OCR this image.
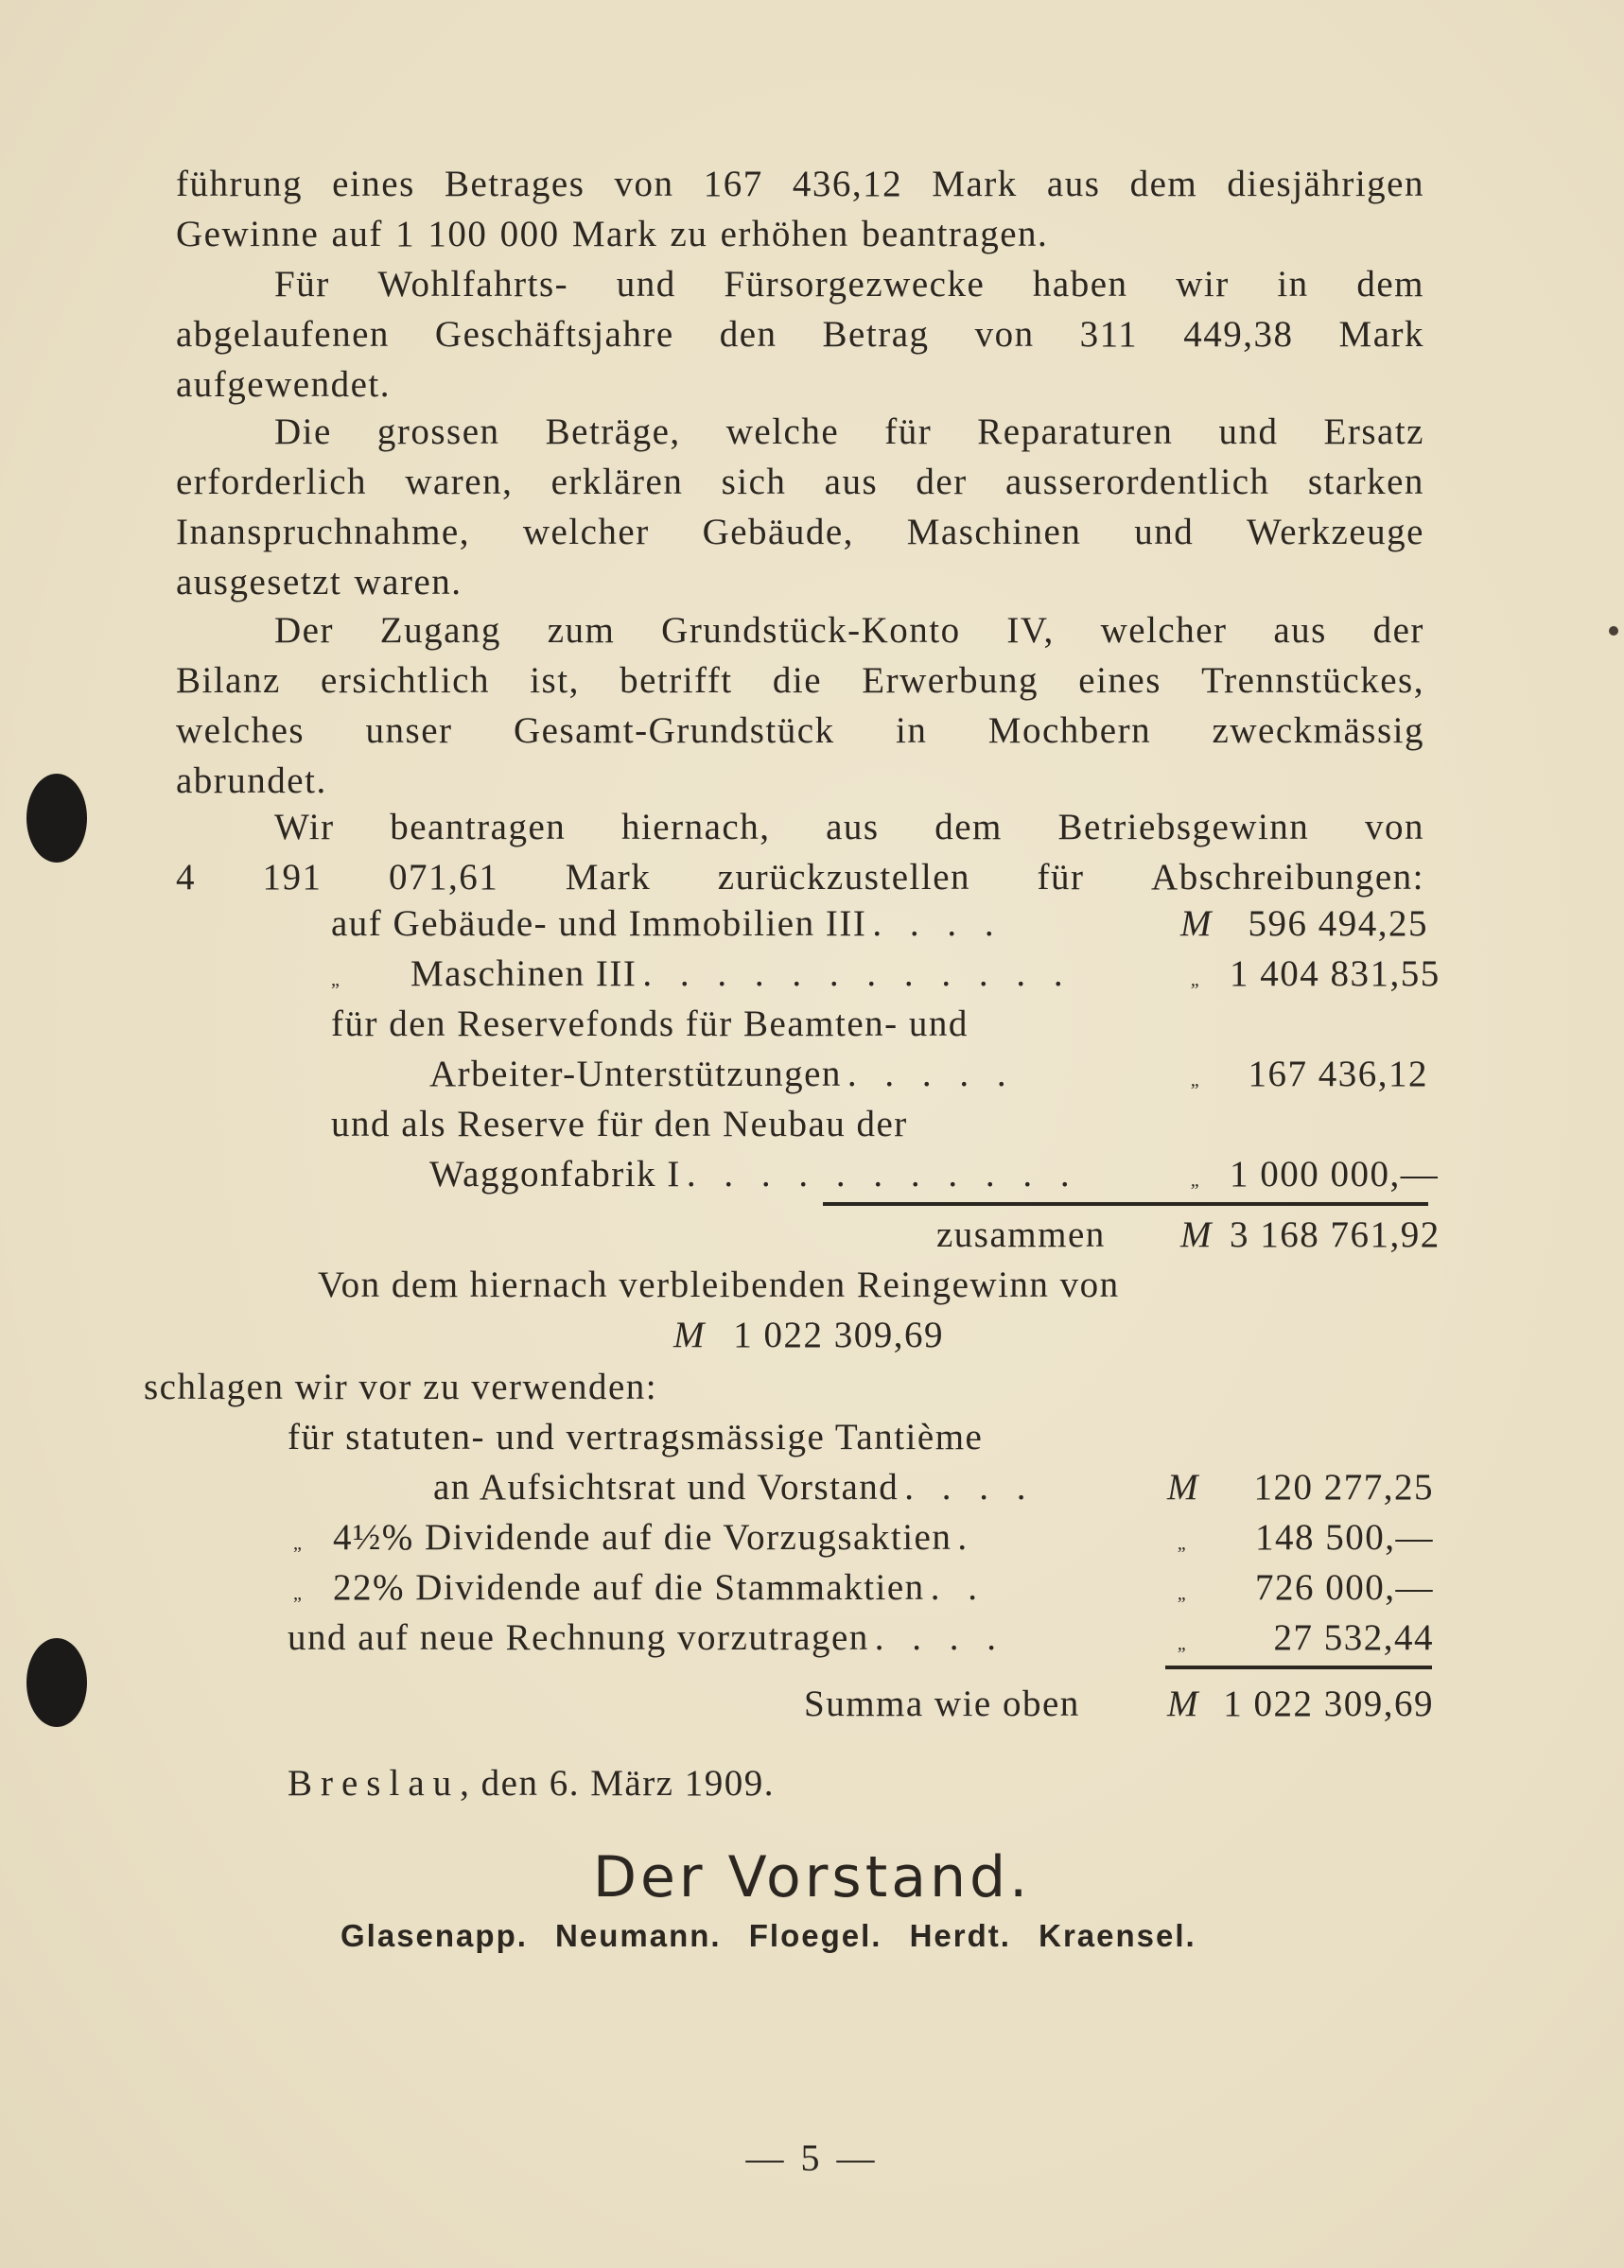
führung eines Betrages von 167 436,12 Mark aus dem diesjährigen
Gewinne auf 1 100 000 Mark zu erhöhen beantragen.
Für Wohlfahrts- und Fürsorgezwecke haben wir in dem
abgelaufenen Geschäftsjahre den Betrag von 311 449,38 Mark
aufgewendet.
Die grossen Beträge, welche für Reparaturen und Ersatz
erforderlich waren, erklären sich aus der ausserordentlich starken
Inanspruchnahme, welcher Gebäude, Maschinen und Werkzeuge
ausgesetzt waren.
Der Zugang zum Grundstück-Konto IV, welcher aus der
Bilanz ersichtlich ist, betrifft die Erwerbung eines Trennstückes,
welches unser Gesamt-Grundstück in Mochbern zweckmässig
abrundet.
Wir beantragen hiernach, aus dem Betriebsgewinn von
4 191 071,61 Mark zurückzustellen für Abschreibungen:
auf Gebäude- und Immobilien III . . . .	M 596 494,25
„	Maschinen III . . . . . . . . . . . .	„ 1 404 831,55
für den Reservefonds für Beamten- und
Arbeiter-Unterstützungen . . . . .	„	167 436,12
und als Reserve für den Neubau der
Waggonfabrik I . . . . . . . . . . .	„ 1 000 000,—
zusammen	M 3 168 761,92
Von dem hiernach verbleibenden Reingewinn von
M 1 022 309,69
schlagen wir vor zu verwenden:
für statuten- und vertragsmässige Tantième
an Aufsichtsrat und Vorstand . . . .	M	120 277,25
„ 4½% Dividende auf die Vorzugsaktien .	„	148 500,—
„ 22% Dividende auf die Stammaktien . .	„	726 000,—
und auf neue Rechnung vorzutragen . . . .	„	27 532,44
Summa wie oben	M 1 022 309,69
Breslau, den 6. März 1909.
Der Vorstand.
Glasenapp. Neumann. Floegel. Herdt. Kraensel.
— 5 —
